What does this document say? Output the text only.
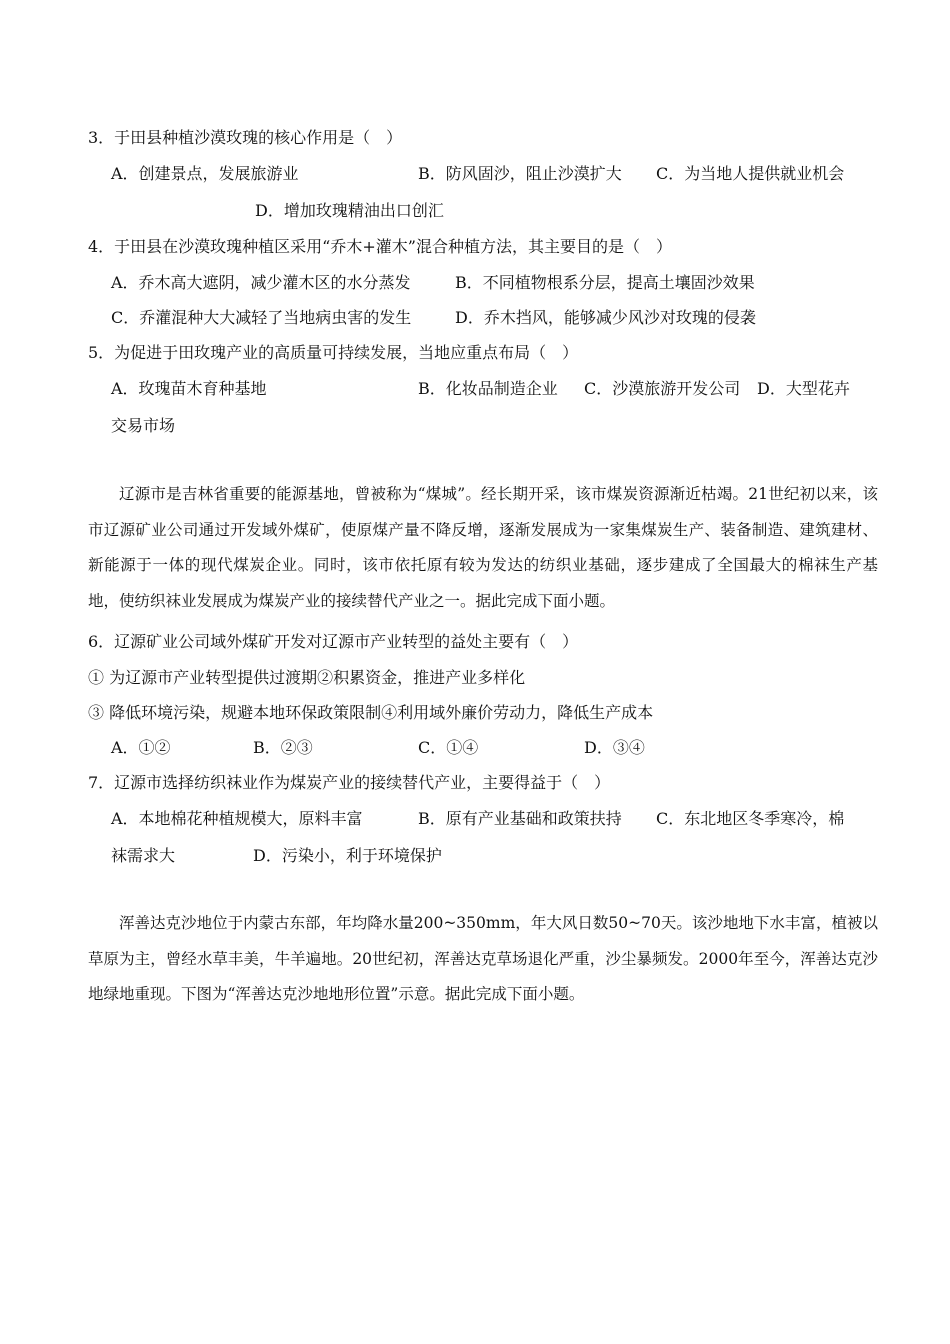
3．于田县种植沙漠玫瑰的核心作用是（　）
A．创建景点，发展旅游业	B．防风固沙，阻止沙漠扩大 C．为当地人提供就业机会
D．增加玫瑰精油出口创汇
4．于田县在沙漠玫瑰种植区采用“乔木+灌木”混合种植方法，其主要目的是（　）
A．乔木高大遮阴，减少灌木区的水分蒸发	B．不同植物根系分层，提高土壤固沙效果
C．乔灌混种大大减轻了当地病虫害的发生	D．乔木挡风，能够减少风沙对玫瑰的侵袭
5．为促进于田玫瑰产业的高质量可持续发展，当地应重点布局（　）
A．玫瑰苗木育种基地	B．化妆品制造企业 C．沙漠旅游开发公司 D．大型花卉
交易市场
辽源市是吉林省重要的能源基地，曾被称为“煤城”。经长期开采，该市煤炭资源渐近枯竭。21世纪初以来，该市辽源矿业公司通过开发域外煤矿，使原煤产量不降反增，逐渐发展成为一家集煤炭生产、装备制造、建筑建材、新能源于一体的现代煤炭企业。同时，该市依托原有较为发达的纺织业基础，逐步建成了全国最大的棉袜生产基地，使纺织袜业发展成为煤炭产业的接续替代产业之一。据此完成下面小题。
6．辽源矿业公司域外煤矿开发对辽源市产业转型的益处主要有（　）
① 为辽源市产业转型提供过渡期②积累资金，推进产业多样化
③ 降低环境污染，规避本地环保政策限制④利用域外廉价劳动力，降低生产成本
A．①②	B．②③	C．①④	D．③④
7．辽源市选择纺织袜业作为煤炭产业的接续替代产业，主要得益于（　）
A．本地棉花种植规模大，原料丰富	B．原有产业基础和政策扶持 C．东北地区冬季寒冷，棉
袜需求大	D．污染小，利于环境保护
浑善达克沙地位于内蒙古东部，年均降水量200~350mm，年大风日数50~70天。该沙地地下水丰富，植被以草原为主，曾经水草丰美，牛羊遍地。20世纪初，浑善达克草场退化严重，沙尘暴频发。2000年至今，浑善达克沙地绿地重现。下图为“浑善达克沙地地形位置”示意。据此完成下面小题。
